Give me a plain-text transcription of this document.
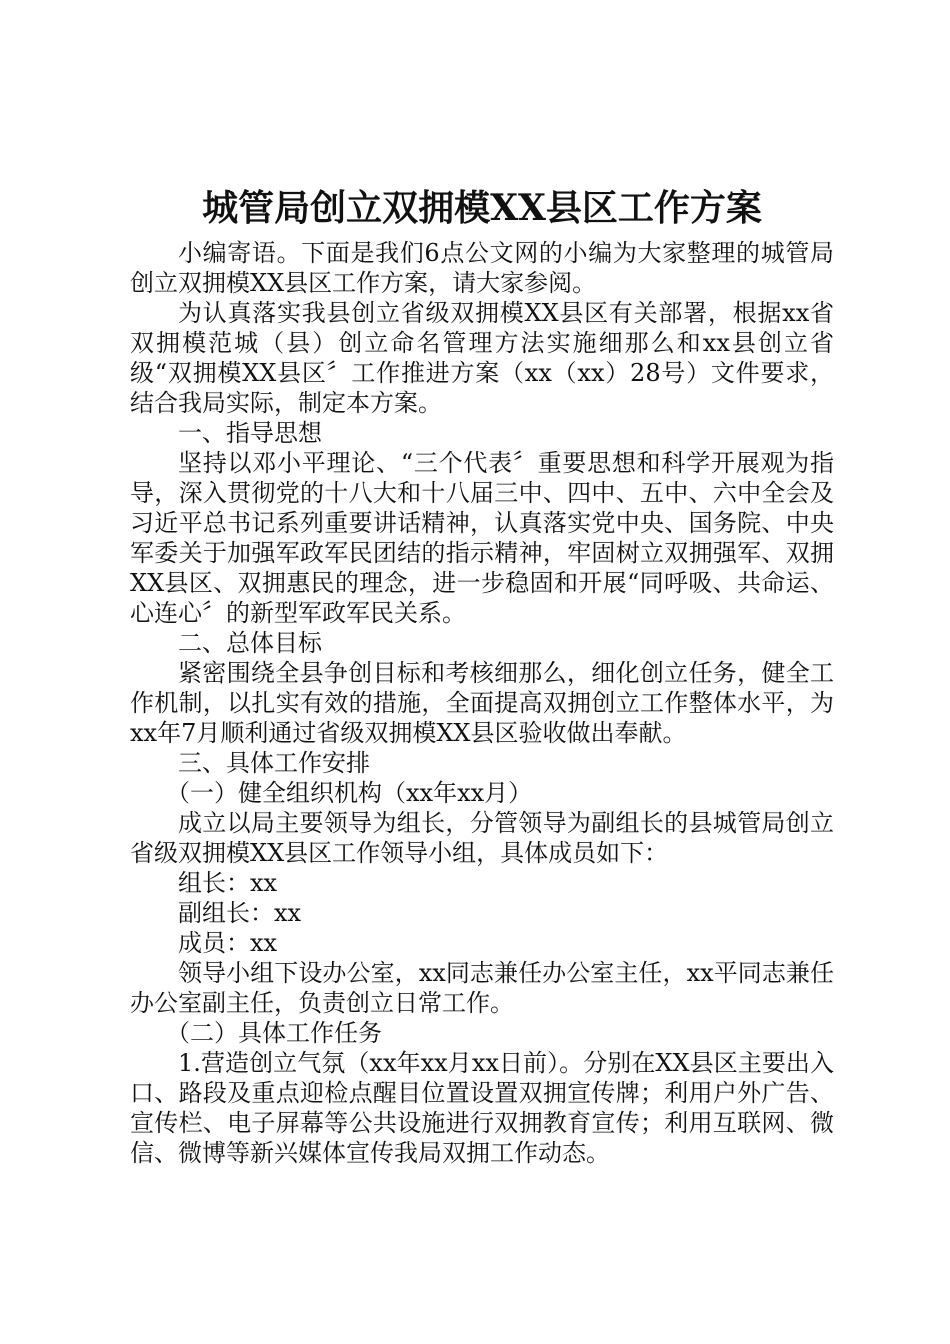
城管局创立双拥模XX县区工作方案

小编寄语。下面是我们6点公文网的小编为大家整理的城管局创立双拥模XX县区工作方案，请大家参阅。

为认真落实我县创立省级双拥模XX县区有关部署，根据xx省双拥模范城（县）创立命名管理方法实施细那么和xx县创立省级“双拥模XX县区〞工作推进方案（xx（xx）28号）文件要求，结合我局实际，制定本方案。

一、指导思想

坚持以邓小平理论、“三个代表〞重要思想和科学开展观为指导，深入贯彻党的十八大和十八届三中、四中、五中、六中全会及习近平总书记系列重要讲话精神，认真落实党中央、国务院、中央军委关于加强军政军民团结的指示精神，牢固树立双拥强军、双拥XX县区、双拥惠民的理念，进一步稳固和开展“同呼吸、共命运、心连心〞的新型军政军民关系。

二、总体目标

紧密围绕全县争创目标和考核细那么，细化创立任务，健全工作机制，以扎实有效的措施，全面提高双拥创立工作整体水平，为xx年7月顺利通过省级双拥模XX县区验收做出奉献。

三、具体工作安排

（一）健全组织机构（xx年xx月）

成立以局主要领导为组长，分管领导为副组长的县城管局创立省级双拥模XX县区工作领导小组，具体成员如下：

组长：xx

副组长：xx

成员：xx

领导小组下设办公室，xx同志兼任办公室主任，xx平同志兼任办公室副主任，负责创立日常工作。

（二）具体工作任务

1.营造创立气氛（xx年xx月xx日前）。分别在XX县区主要出入口、路段及重点迎检点醒目位置设置双拥宣传牌；利用户外广告、宣传栏、电子屏幕等公共设施进行双拥教育宣传；利用互联网、微信、微博等新兴媒体宣传我局双拥工作动态。
